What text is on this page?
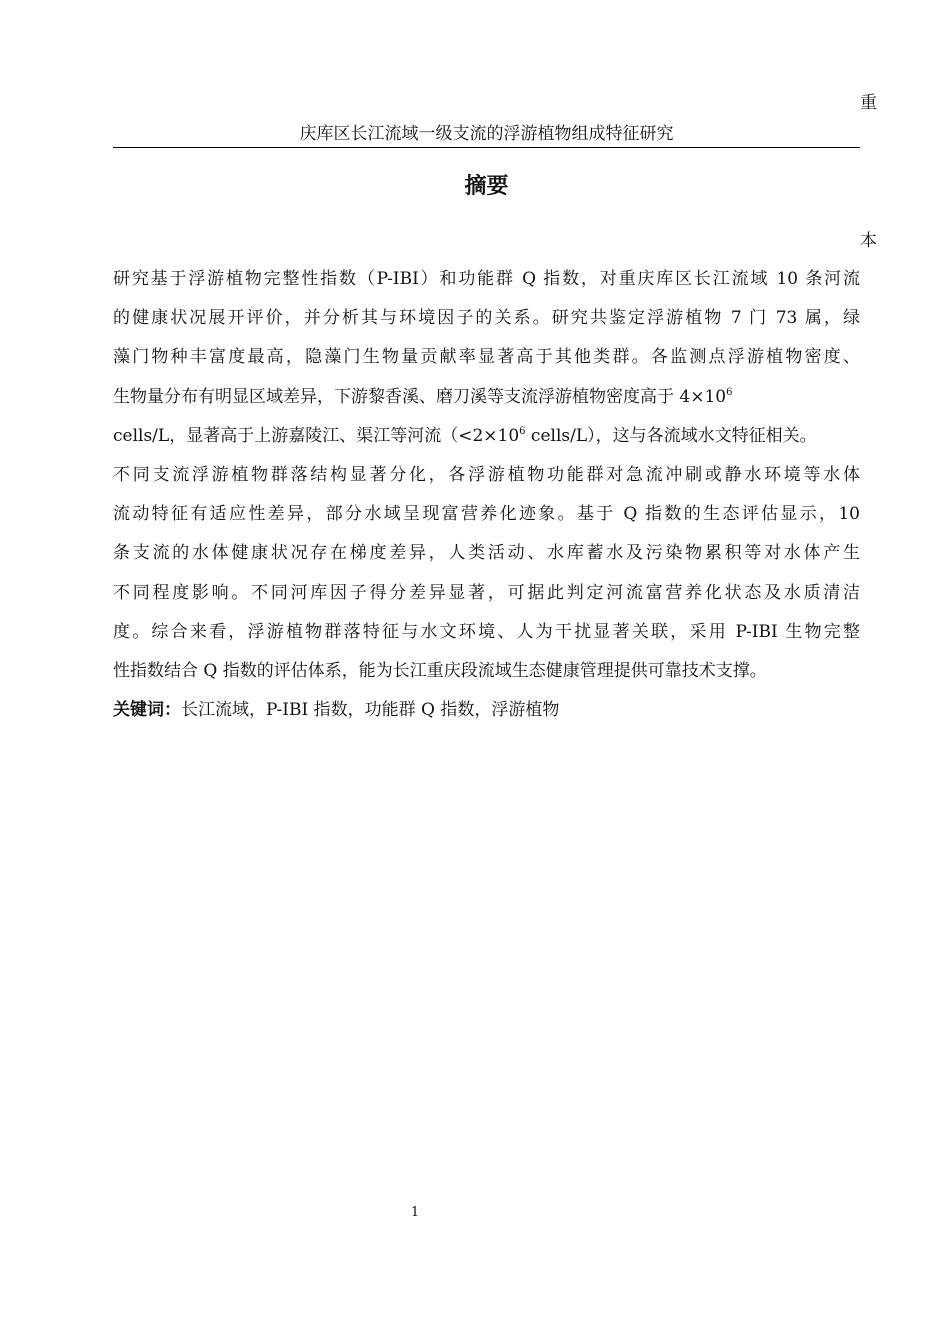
重
庆库区长江流域一级支流的浮游植物组成特征研究
摘要
本
研究基于浮游植物完整性指数（P-IBI）和功能群 Q 指数，对重庆库区长江流域 10 条河流
的健康状况展开评价，并分析其与环境因子的关系。研究共鉴定浮游植物 7 门 73 属，绿
藻门物种丰富度最高，隐藻门生物量贡献率显著高于其他类群。各监测点浮游植物密度、
生物量分布有明显区域差异，下游黎香溪、磨刀溪等支流浮游植物密度高于 $4\times 10^6$
cells/L，显著高于上游嘉陵江、渠江等河流（$<2\times 10^6$ cells/L），这与各流域水文特征相关。
不同支流浮游植物群落结构显著分化，各浮游植物功能群对急流冲刷或静水环境等水体
流动特征有适应性差异，部分水域呈现富营养化迹象。基于 Q 指数的生态评估显示，10
条支流的水体健康状况存在梯度差异，人类活动、水库蓄水及污染物累积等对水体产生
不同程度影响。不同河库因子得分差异显著，可据此判定河流富营养化状态及水质清洁
度。综合来看，浮游植物群落特征与水文环境、人为干扰显著关联，采用 P-IBI 生物完整
性指数结合 Q 指数的评估体系，能为长江重庆段流域生态健康管理提供可靠技术支撑。
关键词：长江流域，P-IBI 指数，功能群 Q 指数，浮游植物
1
